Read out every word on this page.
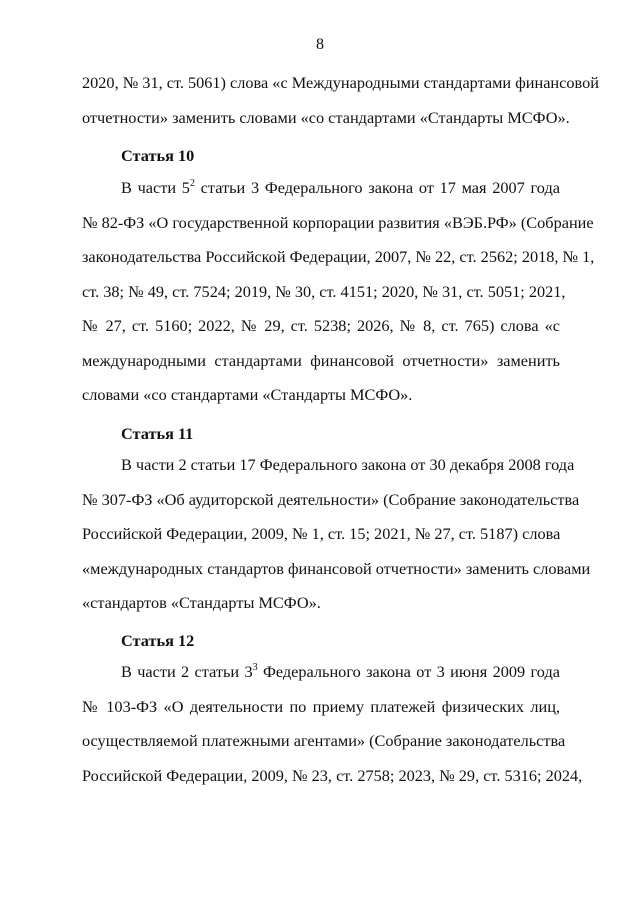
8
2020, № 31, ст. 5061) слова «с Международными стандартами финансовой
отчетности» заменить словами «со стандартами «Стандарты МСФО».
Статья 10
В части $5^2$ статьи 3 Федерального закона от 17 мая 2007 года
№ 82-ФЗ «О государственной корпорации развития «ВЭБ.РФ» (Собрание
законодательства Российской Федерации, 2007, № 22, ст. 2562; 2018, № 1,
ст. 38; № 49, ст. 7524; 2019, № 30, ст. 4151; 2020, № 31, ст. 5051; 2021,
№ 27, ст. 5160; 2022, № 29, ст. 5238; 2026, № 8, ст. 765) слова «с
международными стандартами финансовой отчетности» заменить
словами «со стандартами «Стандарты МСФО».
Статья 11
В части 2 статьи 17 Федерального закона от 30 декабря 2008 года
№ 307-ФЗ «Об аудиторской деятельности» (Собрание законодательства
Российской Федерации, 2009, № 1, ст. 15; 2021, № 27, ст. 5187) слова
«международных стандартов финансовой отчетности» заменить словами
«стандартов «Стандарты МСФО».
Статья 12
В части 2 статьи $3^3$ Федерального закона от 3 июня 2009 года
№ 103-ФЗ «О деятельности по приему платежей физических лиц,
осуществляемой платежными агентами» (Собрание законодательства
Российской Федерации, 2009, № 23, ст. 2758; 2023, № 29, ст. 5316; 2024,
